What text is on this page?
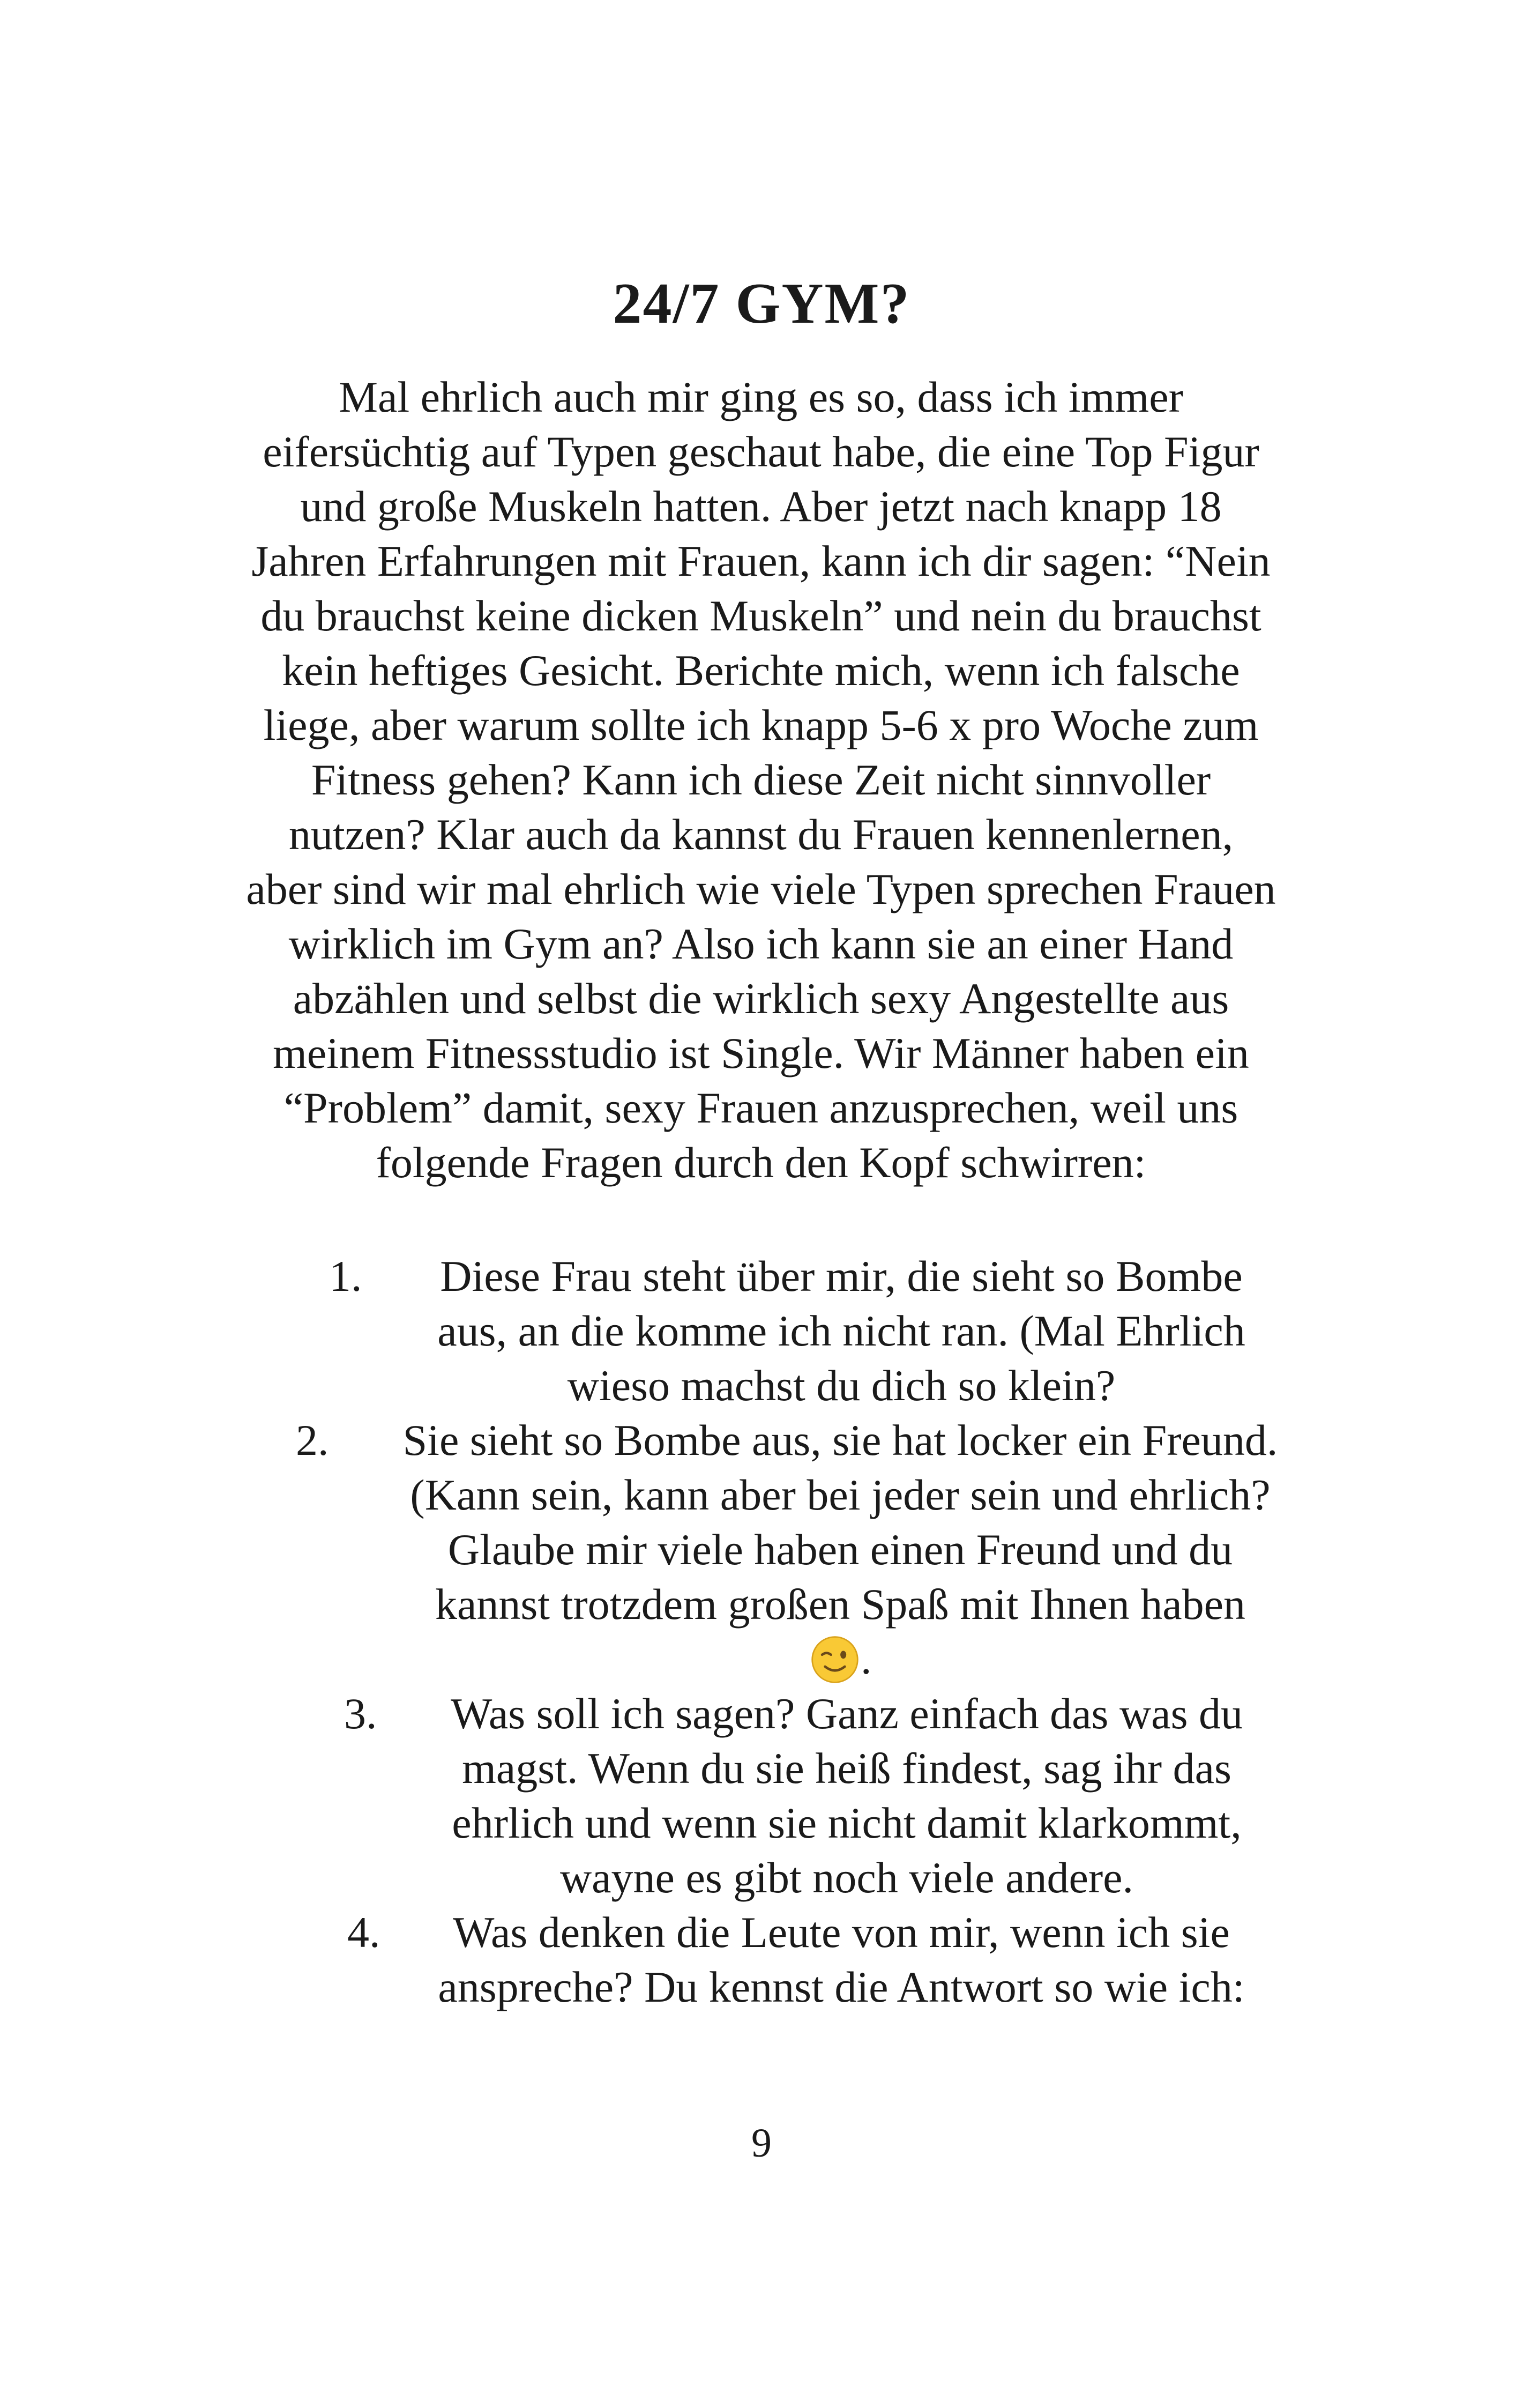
24/7 GYM?
Mal ehrlich auch mir ging es so, dass ich immer
eifersüchtig auf Typen geschaut habe, die eine Top Figur
und große Muskeln hatten. Aber jetzt nach knapp 18
Jahren Erfahrungen mit Frauen, kann ich dir sagen: “Nein
du brauchst keine dicken Muskeln” und nein du brauchst
kein heftiges Gesicht. Berichte mich, wenn ich falsche
liege, aber warum sollte ich knapp 5-6 x pro Woche zum
Fitness gehen? Kann ich diese Zeit nicht sinnvoller
nutzen? Klar auch da kannst du Frauen kennenlernen,
aber sind wir mal ehrlich wie viele Typen sprechen Frauen
wirklich im Gym an? Also ich kann sie an einer Hand
abzählen und selbst die wirklich sexy Angestellte aus
meinem Fitnessstudio ist Single. Wir Männer haben ein
“Problem” damit, sexy Frauen anzusprechen, weil uns
folgende Fragen durch den Kopf schwirren:
1.	Diese Frau steht über mir, die sieht so Bombe
aus, an die komme ich nicht ran. (Mal Ehrlich
wieso machst du dich so klein?
2.	Sie sieht so Bombe aus, sie hat locker ein Freund.
(Kann sein, kann aber bei jeder sein und ehrlich?
Glaube mir viele haben einen Freund und du
kannst trotzdem großen Spaß mit Ihnen haben
.
3.	Was soll ich sagen? Ganz einfach das was du
magst. Wenn du sie heiß findest, sag ihr das
ehrlich und wenn sie nicht damit klarkommt,
wayne es gibt noch viele andere.
4.	Was denken die Leute von mir, wenn ich sie
anspreche? Du kennst die Antwort so wie ich:
9
